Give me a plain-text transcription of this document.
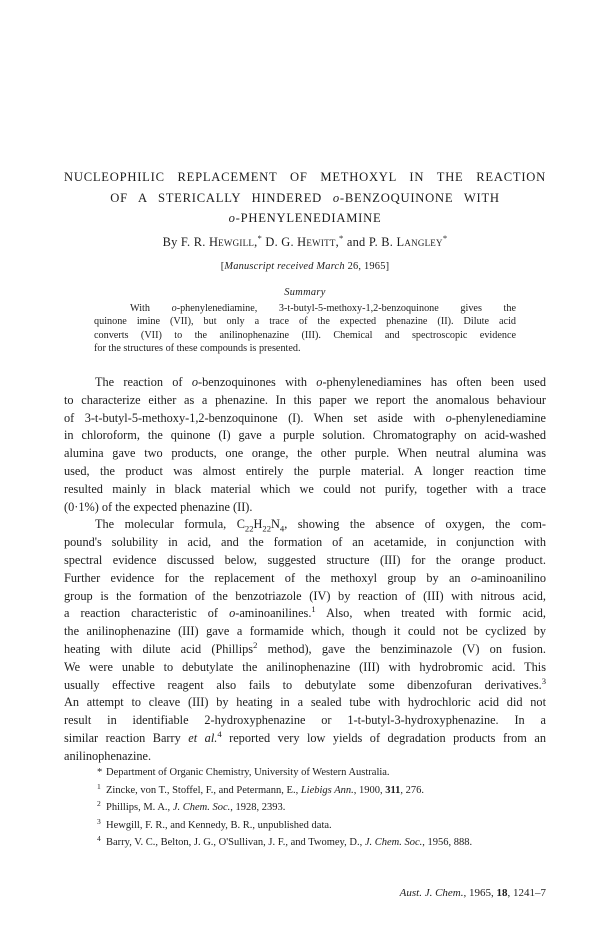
NUCLEOPHILIC REPLACEMENT OF METHOXYL IN THE REACTION
OF A STERICALLY HINDERED o-BENZOQUINONE WITH
o-PHENYLENEDIAMINE
By F. R. Hewgill,* D. G. Hewitt,* and P. B. Langley*
[Manuscript received March 26, 1965]
Summary
With o-phenylenediamine, 3-t-butyl-5-methoxy-1,2-benzoquinone gives the
quinone imine (VII), but only a trace of the expected phenazine (II). Dilute acid
converts (VII) to the anilinophenazine (III). Chemical and spectroscopic evidence
for the structures of these compounds is presented.
The reaction of o-benzoquinones with o-phenylenediamines has often been used
to characterize either as a phenazine. In this paper we report the anomalous behaviour
of 3-t-butyl-5-methoxy-1,2-benzoquinone (I). When set aside with o-phenylenediamine
in chloroform, the quinone (I) gave a purple solution. Chromatography on acid-washed
alumina gave two products, one orange, the other purple. When neutral alumina was
used, the product was almost entirely the purple material. A longer reaction time
resulted mainly in black material which we could not purify, together with a trace
(0·1%) of the expected phenazine (II).
The molecular formula, $C_{22}H_{22}N_4$, showing the absence of oxygen, the com-
pound's solubility in acid, and the formation of an acetamide, in conjunction with
spectral evidence discussed below, suggested structure (III) for the orange product.
Further evidence for the replacement of the methoxyl group by an o-aminoanilino
group is the formation of the benzotriazole (IV) by reaction of (III) with nitrous acid,
a reaction characteristic of o-aminoanilines.$^1$ Also, when treated with formic acid,
the anilinophenazine (III) gave a formamide which, though it could not be cyclized by
heating with dilute acid (Phillips$^2$ method), gave the benziminazole (V) on fusion.
We were unable to debutylate the anilinophenazine (III) with hydrobromic acid. This
usually effective reagent also fails to debutylate some dibenzofuran derivatives.$^3$
An attempt to cleave (III) by heating in a sealed tube with hydrochloric acid did not
result in identifiable 2-hydroxyphenazine or 1-t-butyl-3-hydroxyphenazine. In a
similar reaction Barry et al.$^4$ reported very low yields of degradation products from an
anilinophenazine.
* Department of Organic Chemistry, University of Western Australia.
1 Zincke, von T., Stoffel, F., and Petermann, E., Liebigs Ann., 1900, 311, 276.
2 Phillips, M. A., J. Chem. Soc., 1928, 2393.
3 Hewgill, F. R., and Kennedy, B. R., unpublished data.
4 Barry, V. C., Belton, J. G., O'Sullivan, J. F., and Twomey, D., J. Chem. Soc., 1956, 888.
Aust. J. Chem., 1965, 18, 1241–7
